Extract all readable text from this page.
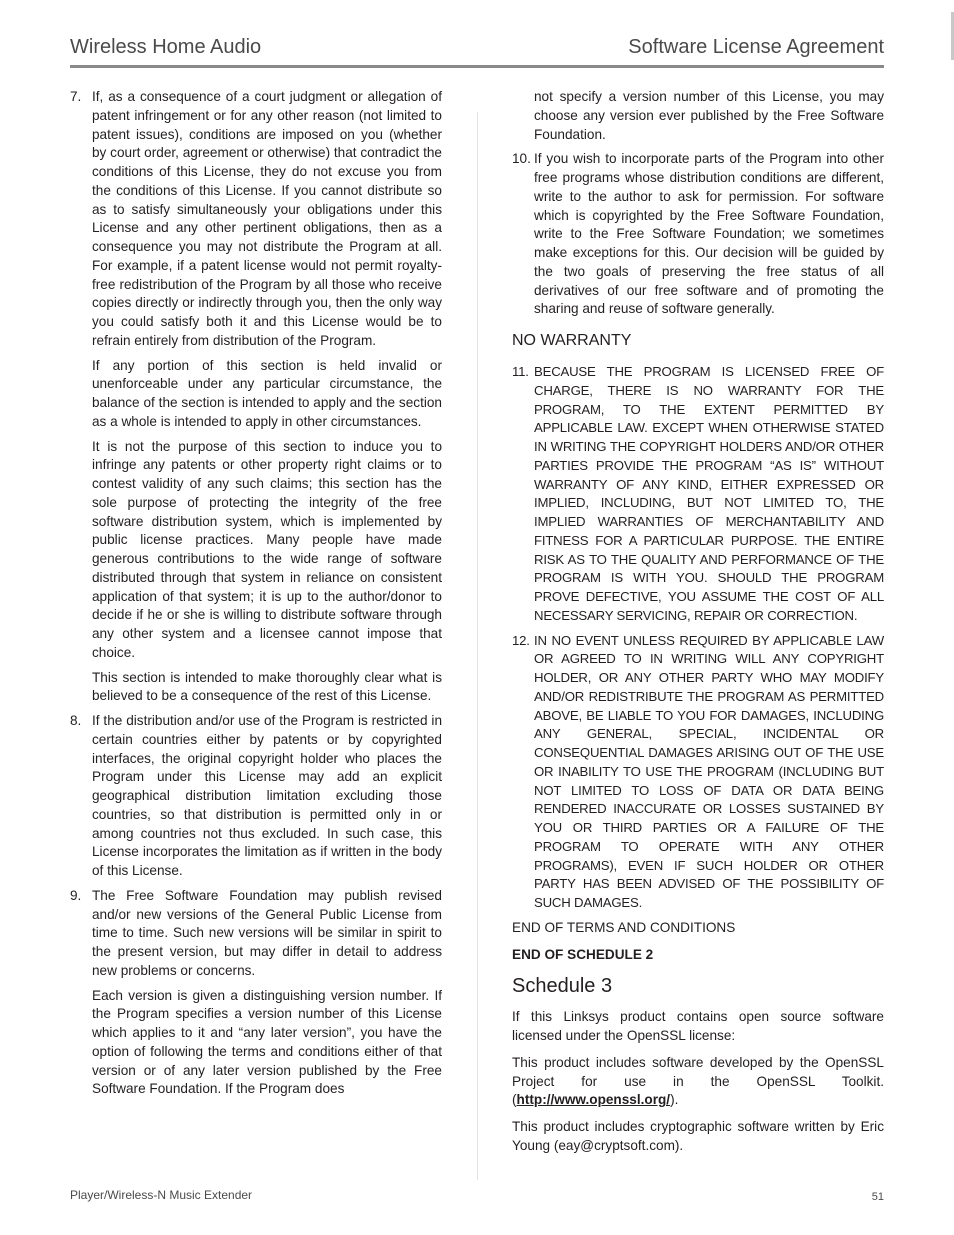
Wireless Home Audio	Software License Agreement
7. If, as a consequence of a court judgment or allegation of patent infringement or for any other reason (not limited to patent issues), conditions are imposed on you (whether by court order, agreement or otherwise) that contradict the conditions of this License, they do not excuse you from the conditions of this License. If you cannot distribute so as to satisfy simultaneously your obligations under this License and any other pertinent obligations, then as a consequence you may not distribute the Program at all. For example, if a patent license would not permit royalty-free redistribution of the Program by all those who receive copies directly or indirectly through you, then the only way you could satisfy both it and this License would be to refrain entirely from distribution of the Program.

If any portion of this section is held invalid or unenforceable under any particular circumstance, the balance of the section is intended to apply and the section as a whole is intended to apply in other circumstances.

It is not the purpose of this section to induce you to infringe any patents or other property right claims or to contest validity of any such claims; this section has the sole purpose of protecting the integrity of the free software distribution system, which is implemented by public license practices. Many people have made generous contributions to the wide range of software distributed through that system in reliance on consistent application of that system; it is up to the author/donor to decide if he or she is willing to distribute software through any other system and a licensee cannot impose that choice.

This section is intended to make thoroughly clear what is believed to be a consequence of the rest of this License.

8. If the distribution and/or use of the Program is restricted in certain countries either by patents or by copyrighted interfaces, the original copyright holder who places the Program under this License may add an explicit geographical distribution limitation excluding those countries, so that distribution is permitted only in or among countries not thus excluded. In such case, this License incorporates the limitation as if written in the body of this License.

9. The Free Software Foundation may publish revised and/or new versions of the General Public License from time to time. Such new versions will be similar in spirit to the present version, but may differ in detail to address new problems or concerns.

Each version is given a distinguishing version number. If the Program specifies a version number of this License which applies to it and “any later version”, you have the option of following the terms and conditions either of that version or of any later version published by the Free Software Foundation. If the Program does

not specify a version number of this License, you may choose any version ever published by the Free Software Foundation.

10. If you wish to incorporate parts of the Program into other free programs whose distribution conditions are different, write to the author to ask for permission. For software which is copyrighted by the Free Software Foundation, write to the Free Software Foundation; we sometimes make exceptions for this. Our decision will be guided by the two goals of preserving the free status of all derivatives of our free software and of promoting the sharing and reuse of software generally.

NO WARRANTY
11. BECAUSE THE PROGRAM IS LICENSED FREE OF CHARGE, THERE IS NO WARRANTY FOR THE PROGRAM, TO THE EXTENT PERMITTED BY APPLICABLE LAW. EXCEPT WHEN OTHERWISE STATED IN WRITING THE COPYRIGHT HOLDERS AND/OR OTHER PARTIES PROVIDE THE PROGRAM “AS IS” WITHOUT WARRANTY OF ANY KIND, EITHER EXPRESSED OR IMPLIED, INCLUDING, BUT NOT LIMITED TO, THE IMPLIED WARRANTIES OF MERCHANTABILITY AND FITNESS FOR A PARTICULAR PURPOSE. THE ENTIRE RISK AS TO THE QUALITY AND PERFORMANCE OF THE PROGRAM IS WITH YOU. SHOULD THE PROGRAM PROVE DEFECTIVE, YOU ASSUME THE COST OF ALL NECESSARY SERVICING, REPAIR OR CORRECTION.

12. IN NO EVENT UNLESS REQUIRED BY APPLICABLE LAW OR AGREED TO IN WRITING WILL ANY COPYRIGHT HOLDER, OR ANY OTHER PARTY WHO MAY MODIFY AND/OR REDISTRIBUTE THE PROGRAM AS PERMITTED ABOVE, BE LIABLE TO YOU FOR DAMAGES, INCLUDING ANY GENERAL, SPECIAL, INCIDENTAL OR CONSEQUENTIAL DAMAGES ARISING OUT OF THE USE OR INABILITY TO USE THE PROGRAM (INCLUDING BUT NOT LIMITED TO LOSS OF DATA OR DATA BEING RENDERED INACCURATE OR LOSSES SUSTAINED BY YOU OR THIRD PARTIES OR A FAILURE OF THE PROGRAM TO OPERATE WITH ANY OTHER PROGRAMS), EVEN IF SUCH HOLDER OR OTHER PARTY HAS BEEN ADVISED OF THE POSSIBILITY OF SUCH DAMAGES.

END OF TERMS AND CONDITIONS

END OF SCHEDULE 2

Schedule 3

If this Linksys product contains open source software licensed under the OpenSSL license:

This product includes software developed by the OpenSSL Project for use in the OpenSSL Toolkit. (http://www.openssl.org/).

This product includes cryptographic software written by Eric Young (eay@cryptsoft.com).

Player/Wireless-N Music Extender	51
